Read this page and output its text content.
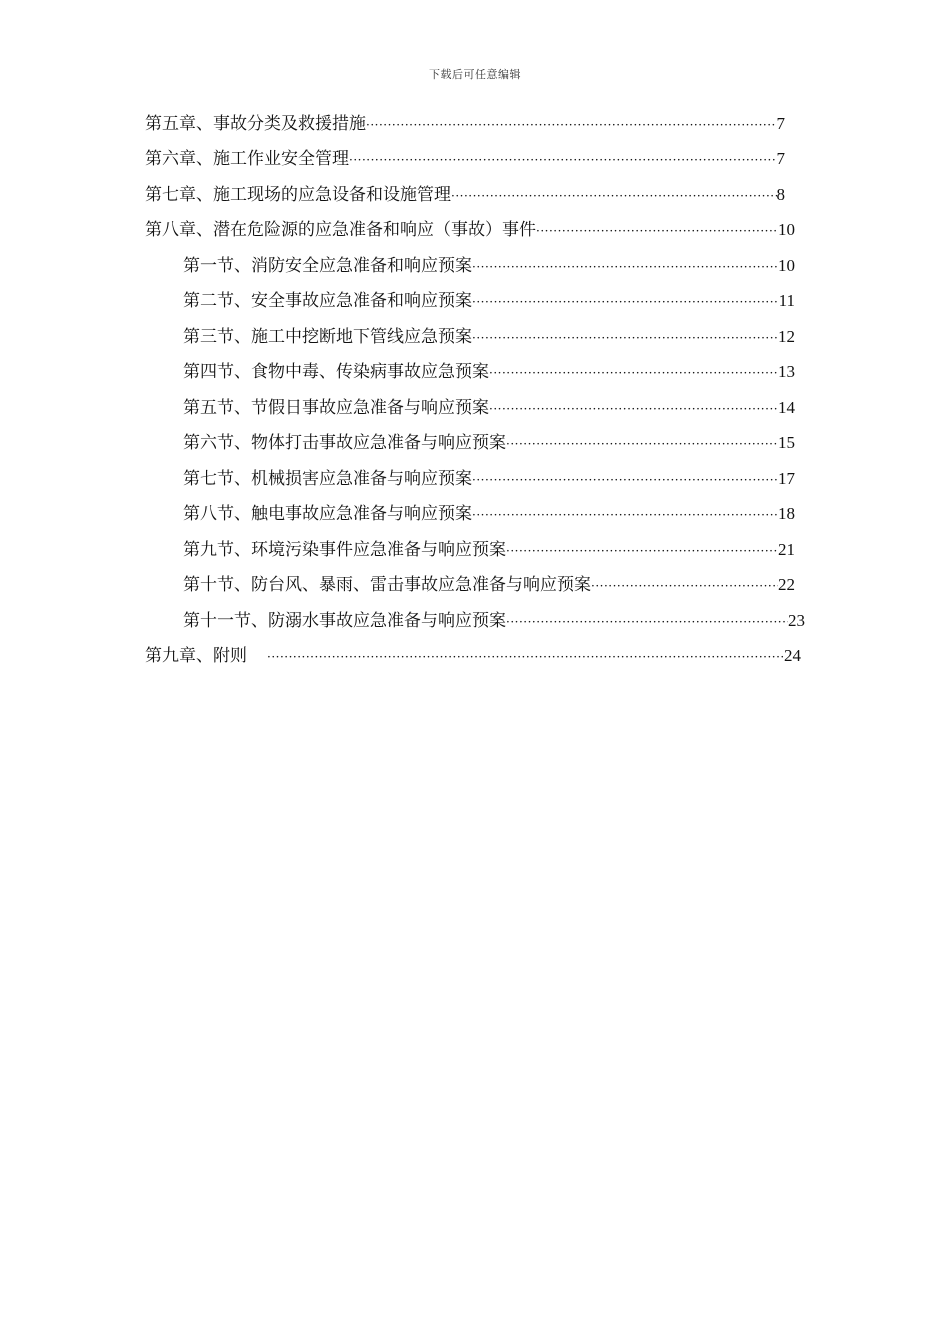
下载后可任意编辑
第五章、事故分类及救援措施 ·····	7
第六章、施工作业安全管理 ·····	7
第七章、施工现场的应急设备和设施管理 ·····	8
第八章、潜在危险源的应急准备和响应（事故）事件 ·····	10
第一节、消防安全应急准备和响应预案 ·····	10
第二节、安全事故应急准备和响应预案 ·····	11
第三节、施工中挖断地下管线应急预案 ·····	12
第四节、食物中毒、传染病事故应急预案 ·····	13
第五节、节假日事故应急准备与响应预案 ·····	14
第六节、物体打击事故应急准备与响应预案 ·····	15
第七节、机械损害应急准备与响应预案 ·····	17
第八节、触电事故应急准备与响应预案 ·····	18
第九节、环境污染事件应急准备与响应预案 ·····	21
第十节、防台风、暴雨、雷击事故应急准备与响应预案 ·····	22
第十一节、防溺水事故应急准备与响应预案 ·····	23
第九章、附则 ·····	24
